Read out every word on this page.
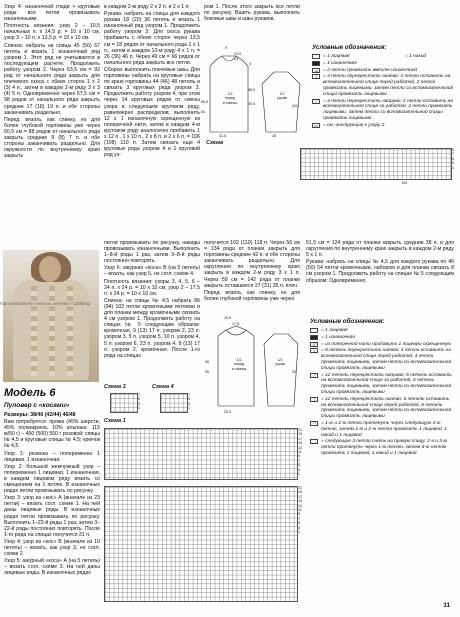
Узор 4: изнаночной глади + круговые ряды: все петли провязывать изнаночными.

Плотность вязания: узор 2 – 10,5 начальных п. x 14,5 р. = 10 x 10 см, узор 3 – 10 п. x 13,5 р. = 10 x 10 см.

Спинка: набрать на спицы 45 (56) 67 петель и вязать 1 изнаночный ряд узором 1. Этот ряд не учитывается в последующем расчете. Продолжить работу узором 2. Через 63,5 см = 92 ряд от начального ряда закрыть для плечевого скоса с обеих сторон 1 x 2 (3) 4 п., затем в каждом 2-м ряду 3 x 3 (4) 5 п. Одновременно через 67,5 см = 98 рядов от начального ряда закрыть средние 17 (18) 19 п. и обе стороны заканчивать раздельно.

Перед: вязать, как спинку, но для более глубокой горловины уже через 60,5 см = 88 рядов от начального ряда закрыть средние 9 (8) 7 п. и обе стороны заканчивать раздельно. Для окружности по внутреннему краю закрыть

в каждом 2-м ряду 2 x 2 п. и 2 x 1 п.

Рукава: набрать на спицы для каждого рукава 18 (20) 36 петель и вязать 1 изнаночный ряд узором 1. Продолжить работу узором 3. Для скоса рукава прибавить с обеих сторон через 13,5 см = 18 рядов от начального ряда 1 x 1 п., затем в каждом 10-м ряду 4 x 1 п. = 26 (36) 46 п. Через 49 см = 66 рядов от начального ряда закрыть все петли.

Сборка: выполнить плечевые швы. Для горловины набрать на круговые спицы по краю горловины 44 (46) 48 петель и связать 3 круговых ряда узором 3. Продолжить работу узором 4, при этом через 14 круговых рядов от смены узора в следующем круговом ряду, равномерно распределив, выполнить 12 x 1 изнаночную скрещенную из поперечной нити, затем в каждом 4-м круговом ряду аналогично прибавить 1 x 12 п., 1 x 10 п., 2 x 8 п. и 2 x 6 п. = 106 (108) 110 п. Затем связать еще 4 круговых ряда узором 4 и 1 круговой ряд уз-

ром 1. После этого закрыть все петли по рисунку. Вшить рукава, выполнить боковые швы и швы рукавов.

1/2
перед
и спинка
1/2
рукав
9
13,5
13
4
60,5
64
58,5
40,5
31,5
(20)
18
Схема
Условные обозначения:
= 1 лицевая
= 1 изнаночная
⊿	= 2 петли провязать вместе изнаночной
╲	= 4 петли перекрестить налево: 2 петли оставить на вспомогательной спице перед работой, 2 петли провязать лицевыми, затем петли со вспомогательной спицы провязать лицевыми
╱	= 4 петли перекрестить направо: 2 петли оставить на вспомогательной спице за работой, 2 петли провязать лицевыми, затем петли со вспомогательной спицы провязать лицевыми
▭	= см. инструкцию к узору 2
= 1 накид
9
7
5
3
1
MS
http://www.liveinternet.ru/users/4657118/blog/
Модель 6
Пуловер с «косами»

Размеры: 38/40 (42/44) 46/48

Вам потребуется: пряжа (45% шерсти, 45% полиакрила, 10% альпака; 115 м/50 г) – 450 (500) 550 г розовой; спицы № 4,5 и круговые спицы № 4,5; крючок № 4,5.

Узор 1: резинка – попеременно 1 лицевая, 1 изнаночная.

Узор 2: большой жемчужный узор – попеременно 1 лицевая, 1 изнаночная, в каждом лицевом ряду вязать со смещением на 1 петлю. В изнаночных рядах петли провязывать по рисунку.

Узор 3: узор из «кос» А (вначале из 23 петли) – вязать согл. схеме 1. На ней даны лицевые ряды. В изнаночных рядах петли провязывать по рисунку. Выполнить 1–22-й ряды 1 раз, затем 3–22-й ряды постоянно повторять. После 1-го ряда на спицах получится 31 п.

Узор 4: узор из «кос» В (вначале из 10 петель) – вязать, как узор 3, но согл. схеме 2.

Узор 5: ажурный «коса» А (на 5 петель) – вязать согл. схеме 3. На ней даны лицевые ряды. В изнаночных рядах

петли провязывать по рисунку, накиды провязывать изнаночными. Выполнить 1–8-й ряды 1 раз, затем 3–8-й ряды постоянно повторять.

Узор 6: ажурная «коса» В (на 5 петель) – вязать, как узор 5, но согл. схеме 4.

Плотность вязания: узоры 3, 4, 5, 6 – 24 п. x 24 р. = 10 x 10 см; узор 2 – 17,5 п. x 24 р. = 10 x 10 см.

Спинка: на спицы № 4,5 набрать 86 (94) 102 петли кромочными петлями и для планки между кромочными связать 4 см узором 1. Продолжить работу на спицах № 5 следующим образом: кромочная, 9 (13) 17 п. узором 2, 23 п. узором 3, 5 п. узором 5, 10 п. узором 4, 5 п. узором 6, 23 п. узором 4, 9 (13) 17 п. узором 2, кромочная. После 1-го ряда на спицах

получится 102 (110) 118 п. Через 56 см = 134 ряда от планки закрыть для горловины средние 42 п. и обе стороны заканчивать раздельно. Для округления по внутреннему краю закрыть в каждом 2-м ряду 3 x 1 п. Через 59 см = 142 ряда от планки закрыть оставшиеся 27 (31) 35 п. плеч.

Перед: вязать, как спинку, но для более глубокой горловины уже через

51,5 см = 124 ряда от планки закрыть средние 38 п. и для округления по внутреннему краю закрыть в каждом 2-м ряду 5 x 1 п.

Рукава: набрать на спицы № 4,5 для каждого рукава по 46 (50) 54 петли кромочными, набором и для планки связать 8 см узором 1. Продолжить работу на спицах № 5 следующим образом: Одновременно

1/2
перед
и спинка
1/2
рукав
10,5
17,5
56
59
23,5
33
Условные обозначения:
= 1 лицевая
= 1 изнаночная
Ⓡ	= из поперечной нити прибавить 1 лицевую скрещенную
╲	= 8 петель перекрестить налево: 4 петли оставить на вспомогательной спице перед работой, 4 петли провязать лицевыми, затем петли со вспомогательной спицы провязать лицевыми
╱	= 12 петель перекрестить направо: 6 петель оставить на вспомогательной спице за работой, 6 петель провязать лицевыми, затем петли со вспомогательной спицы провязать лицевыми
╲	= 12 петель перекрестить налево: 6 петель оставить на вспомогательной спице перед работой, 6 петель провязать лицевыми, затем петли со вспомогательной спицы провязать лицевыми
◠	= 1-ю и 2-ю петли протянуть через следующую 3-ю петлю, затем 1-ю и 2-ю петли провязать 1 лицевой, 1 накид и 1 лицевой
◡	= следующие 3 петли снять на правую спицу, 2-я и 3-ю петли протянуть через 1-ю петлю, затем 3-ю петлю провязать 1 лицевой, 1 накид и 1 лицевой
Схема 3	Схема 4
7
5
3
1
7
5
3
1
Схема 1
21
19
17
15
13
11
9
7
5
3
1
21
19
17
15
13
11
9
7
5
3
1
31
